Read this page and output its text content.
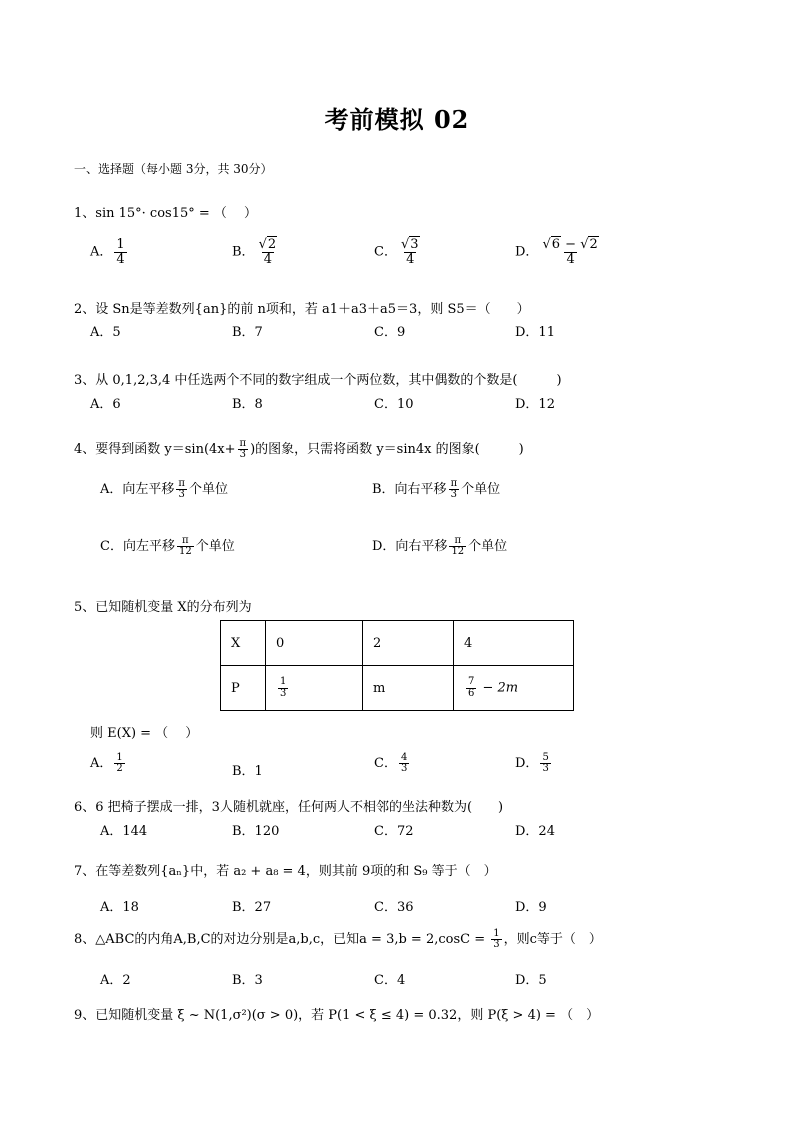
考前模拟 02
一、选择题（每小题 3分，共 30分）
1、sin 15°· cos15° = （　 ）
A． $\frac{1}{4}$	B． $\frac{√2}{4}$	C． $\frac{√3}{4}$	D． $\frac{√6 - √2}{4}$
2、设 Sn是等差数列{an}的前 n项和，若 a1＋a3＋a5＝3，则 S5＝（　　）
A．5	B．7	C．9	D．11
3、从 0,1,2,3,4 中任选两个不同的数字组成一个两位数，其中偶数的个数是(　　　)
A．6	B．8	C．10	D．12
4、要得到函数 $y=\sin(4x+ \frac{\pi}{3}$ )的图象，只需将函数 y＝sin4x 的图象(　　　)
A．向左平移 $\frac{\pi}{3}$ 个单位	B．向右平移 $\frac{\pi}{3}$ 个单位
C．向左平移 $\frac{\pi}{12}$ 个单位	D．向右平移 $\frac{\pi}{12}$ 个单位
5、已知随机变量 X的分布列为
X	0	2	4
P	$\frac{1}{3}$	m	$\frac{7}{6} - 2m$
则 E(X) = （　 ）
A． $\frac{1}{2}$	B．1
C． $\frac{4}{3}$	D． $\frac{5}{3}$
6、6 把椅子摆成一排，3人随机就座，任何两人不相邻的坐法种数为(　　)
A．144	B．120	C．72	D．24
7、在等差数列{aₙ}中，若 a₂ + a₈ = 4，则其前 9项的和 S₉ 等于（　）
A．18	B．27	C．36	D．9
8、△ABC的内角A,B,C的对边分别是a,b,c，已知$a = 3,b = 2,\cos C = \frac{1}{3}$ ，则c等于（　）
A．2	B．3	C．4	D．5
9、已知随机变量 ξ ~ N(1,σ²)(σ > 0)，若 P(1 < ξ ≤ 4) = 0.32，则 P(ξ > 4) = （　）
